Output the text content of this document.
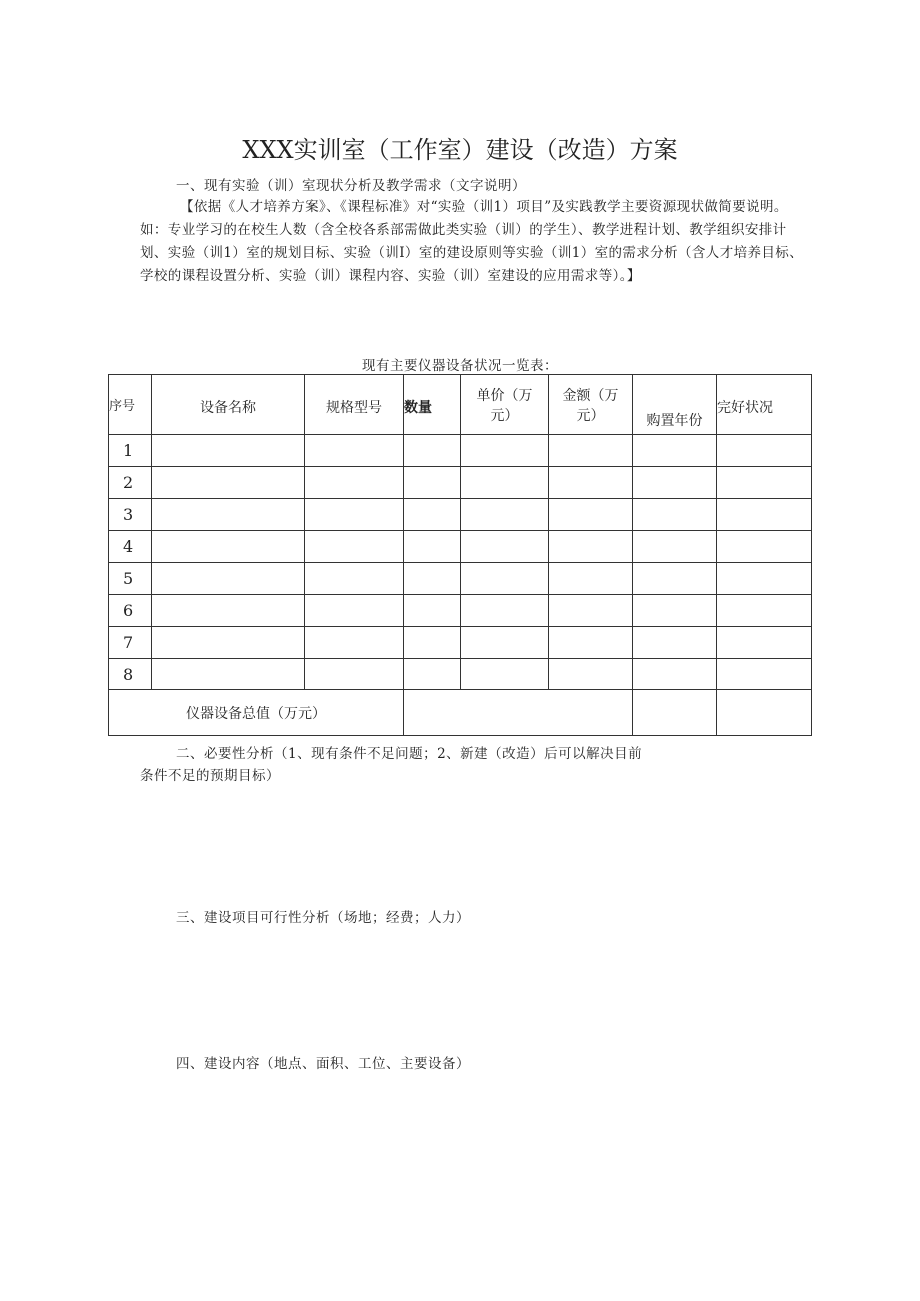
XXX实训室（工作室）建设（改造）方案
一、现有实验（训）室现状分析及教学需求（文字说明）
【依据《人才培养方案》、《课程标准》对“实验（训1）项目”及实践教学主要资源现状做简要说明。如：专业学习的在校生人数（含全校各系部需做此类实验（训）的学生）、教学进程计划、教学组织安排计划、实验（训1）室的规划目标、实验（训I）室的建设原则等实验（训1）室的需求分析（含人才培养目标、学校的课程设置分析、实验（训）课程内容、实验（训）室建设的应用需求等）。】
现有主要仪器设备状况一览表：
序号	设备名称	规格型号	数量	单价（万元）	金额（万元）	购置年份	完好状况
1							
2							
3							
4							
5							
6							
7							
8							
仪器设备总值（万元）							
二、必要性分析（1、现有条件不足问题；2、新建（改造）后可以解决目前
条件不足的预期目标）
三、建设项目可行性分析（场地；经费；人力）
四、建设内容（地点、面积、工位、主要设备）
